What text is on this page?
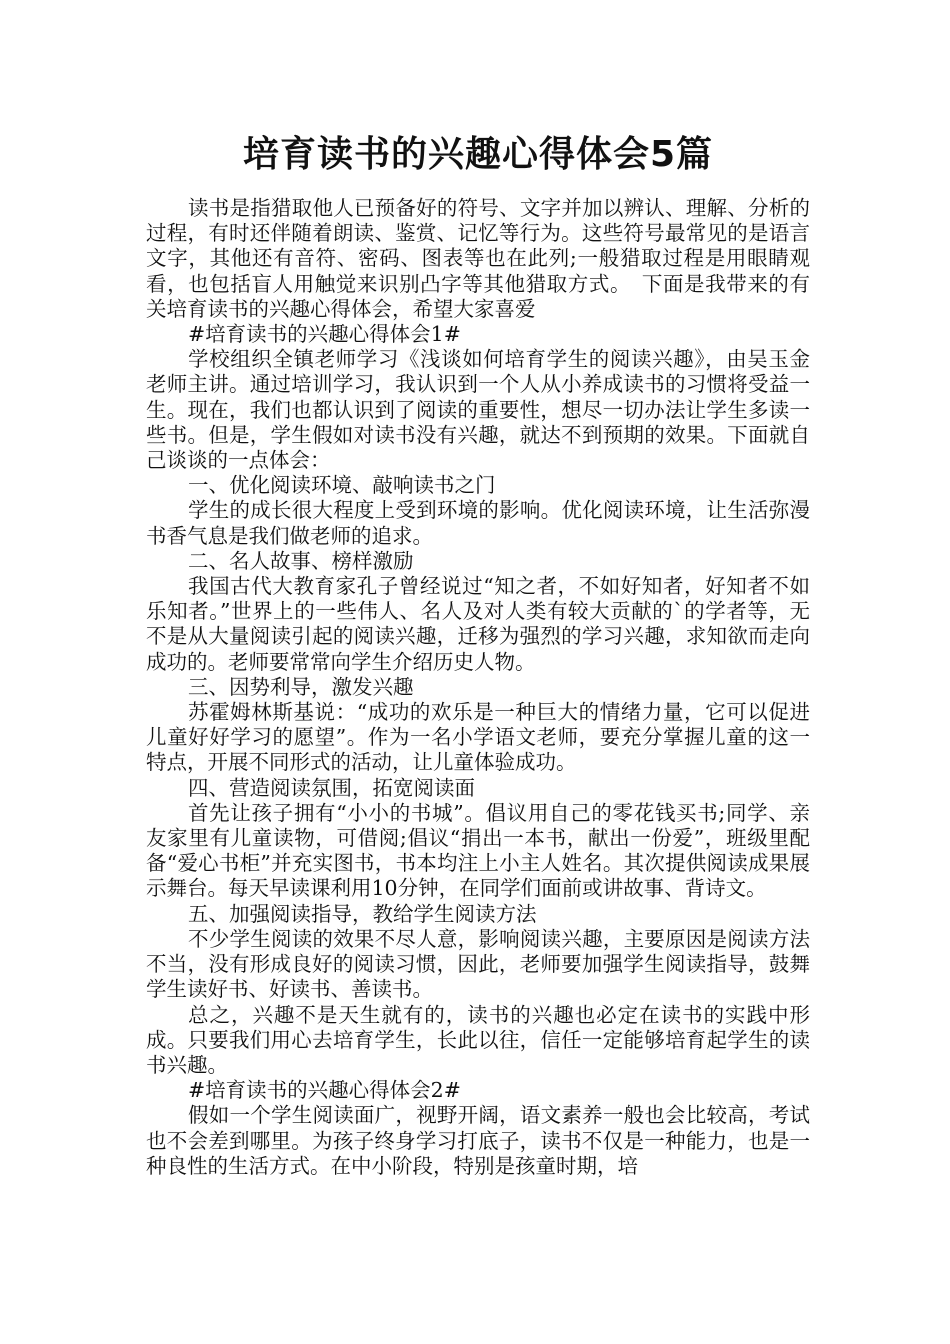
培育读书的兴趣心得体会5篇

读书是指猎取他人已预备好的符号、文字并加以辨认、理解、分析的过程，有时还伴随着朗读、鉴赏、记忆等行为。这些符号最常见的是语言文字，其他还有音符、密码、图表等也在此列;一般猎取过程是用眼睛观看，也包括盲人用触觉来识别凸字等其他猎取方式。　下面是我带来的有关培育读书的兴趣心得体会，希望大家喜爱

#培育读书的兴趣心得体会1#

学校组织全镇老师学习《浅谈如何培育学生的阅读兴趣》，由吴玉金老师主讲。通过培训学习，我认识到一个人从小养成读书的习惯将受益一生。现在，我们也都认识到了阅读的重要性，想尽一切办法让学生多读一些书。但是，学生假如对读书没有兴趣，就达不到预期的效果。下面就自己谈谈的一点体会：

一、优化阅读环境、敲响读书之门

学生的成长很大程度上受到环境的影响。优化阅读环境，让生活弥漫书香气息是我们做老师的追求。

二、名人故事、榜样激励

我国古代大教育家孔子曾经说过“知之者，不如好知者，好知者不如乐知者。”世界上的一些伟人、名人及对人类有较大贡献的`的学者等，无不是从大量阅读引起的阅读兴趣，迁移为强烈的学习兴趣，求知欲而走向成功的。老师要常常向学生介绍历史人物。

三、因势利导，激发兴趣

苏霍姆林斯基说：“成功的欢乐是一种巨大的情绪力量，它可以促进儿童好好学习的愿望”。作为一名小学语文老师，要充分掌握儿童的这一特点，开展不同形式的活动，让儿童体验成功。

四、营造阅读氛围，拓宽阅读面

首先让孩子拥有“小小的书城”。倡议用自己的零花钱买书;同学、亲友家里有儿童读物，可借阅;倡议“捐出一本书，献出一份爱”，班级里配备“爱心书柜”并充实图书，书本均注上小主人姓名。其次提供阅读成果展示舞台。每天早读课利用10分钟，在同学们面前或讲故事、背诗文。

五、加强阅读指导，教给学生阅读方法

不少学生阅读的效果不尽人意，影响阅读兴趣，主要原因是阅读方法不当，没有形成良好的阅读习惯，因此，老师要加强学生阅读指导，鼓舞学生读好书、好读书、善读书。

总之，兴趣不是天生就有的，读书的兴趣也必定在读书的实践中形成。只要我们用心去培育学生，长此以往，信任一定能够培育起学生的读书兴趣。

#培育读书的兴趣心得体会2#

假如一个学生阅读面广，视野开阔，语文素养一般也会比较高，考试也不会差到哪里。为孩子终身学习打底子，读书不仅是一种能力，也是一种良性的生活方式。在中小阶段，特别是孩童时期，培
